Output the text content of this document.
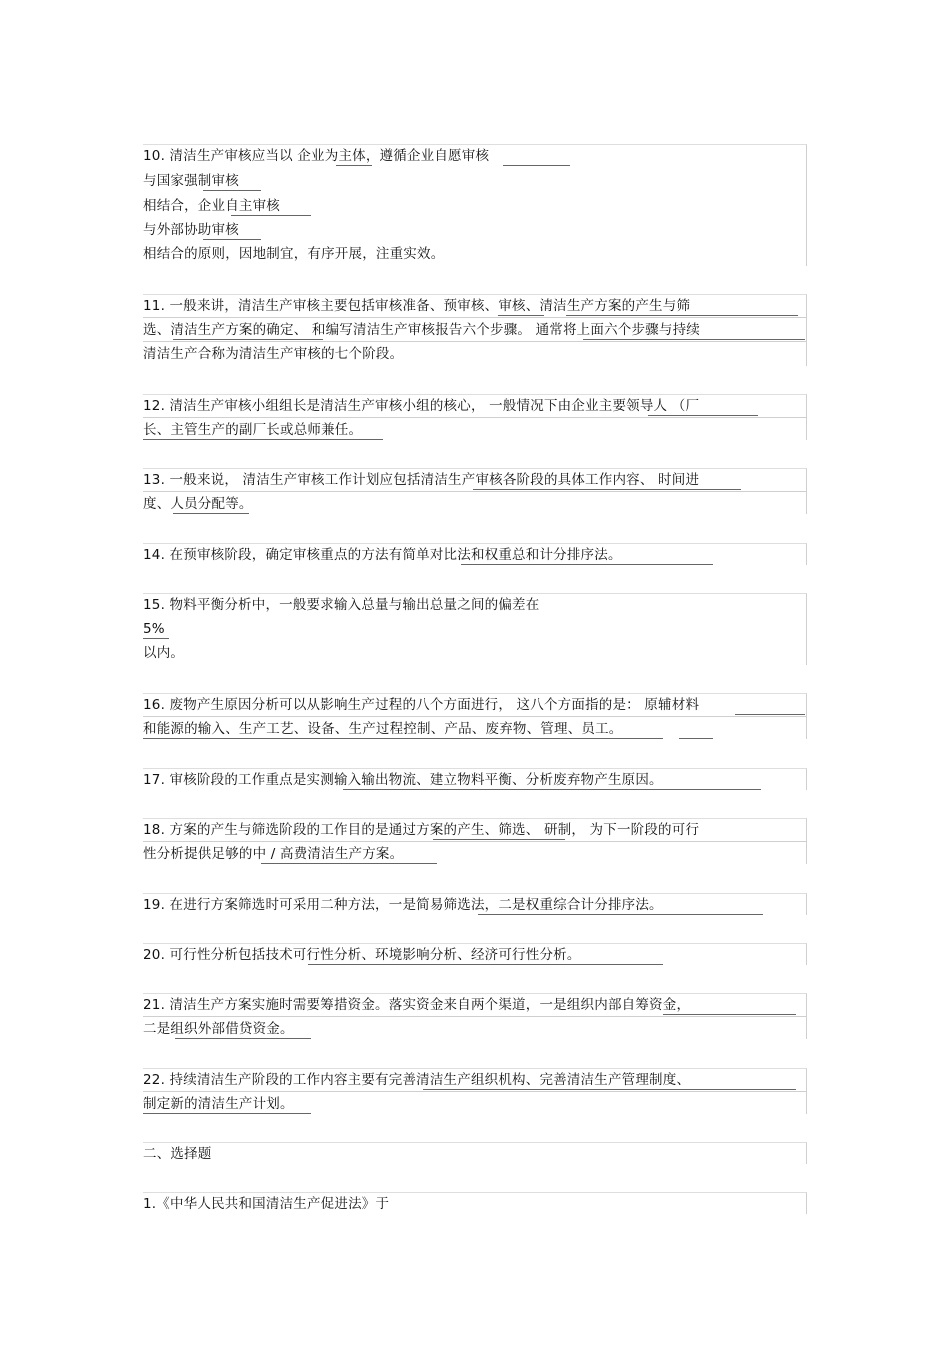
10. 清洁生产审核应当以 企业为主体，遵循企业自愿审核
与国家强制审核
相结合，企业自主审核
与外部协助审核
相结合的原则，因地制宜，有序开展，注重实效。
11. 一般来讲，清洁生产审核主要包括审核准备、预审核、审核、清洁生产方案的产生与筛
选、清洁生产方案的确定、 和编写清洁生产审核报告六个步骤。 通常将上面六个步骤与持续
清洁生产合称为清洁生产审核的七个阶段。
12. 清洁生产审核小组组长是清洁生产审核小组的核心， 一般情况下由企业主要领导人 （厂
长、主管生产的副厂长或总师兼任。
13. 一般来说， 清洁生产审核工作计划应包括清洁生产审核各阶段的具体工作内容、 时间进
度、人员分配等。
14. 在预审核阶段，确定审核重点的方法有简单对比法和权重总和计分排序法。
15. 物料平衡分析中，一般要求输入总量与输出总量之间的偏差在
5%
以内。
16. 废物产生原因分析可以从影响生产过程的八个方面进行， 这八个方面指的是： 原辅材料
和能源的输入、生产工艺、设备、生产过程控制、产品、废弃物、管理、员工。
17. 审核阶段的工作重点是实测输入输出物流、建立物料平衡、分析废弃物产生原因。
18. 方案的产生与筛选阶段的工作目的是通过方案的产生、筛选、 研制， 为下一阶段的可行
性分析提供足够的中 / 高费清洁生产方案。
19. 在进行方案筛选时可采用二种方法，一是简易筛选法，二是权重综合计分排序法。
20. 可行性分析包括技术可行性分析、环境影响分析、经济可行性分析。
21. 清洁生产方案实施时需要筹措资金。落实资金来自两个渠道，一是组织内部自筹资金，
二是组织外部借贷资金。
22. 持续清洁生产阶段的工作内容主要有完善清洁生产组织机构、完善清洁生产管理制度、
制定新的清洁生产计划。
二、选择题
1.《中华人民共和国清洁生产促进法》于
